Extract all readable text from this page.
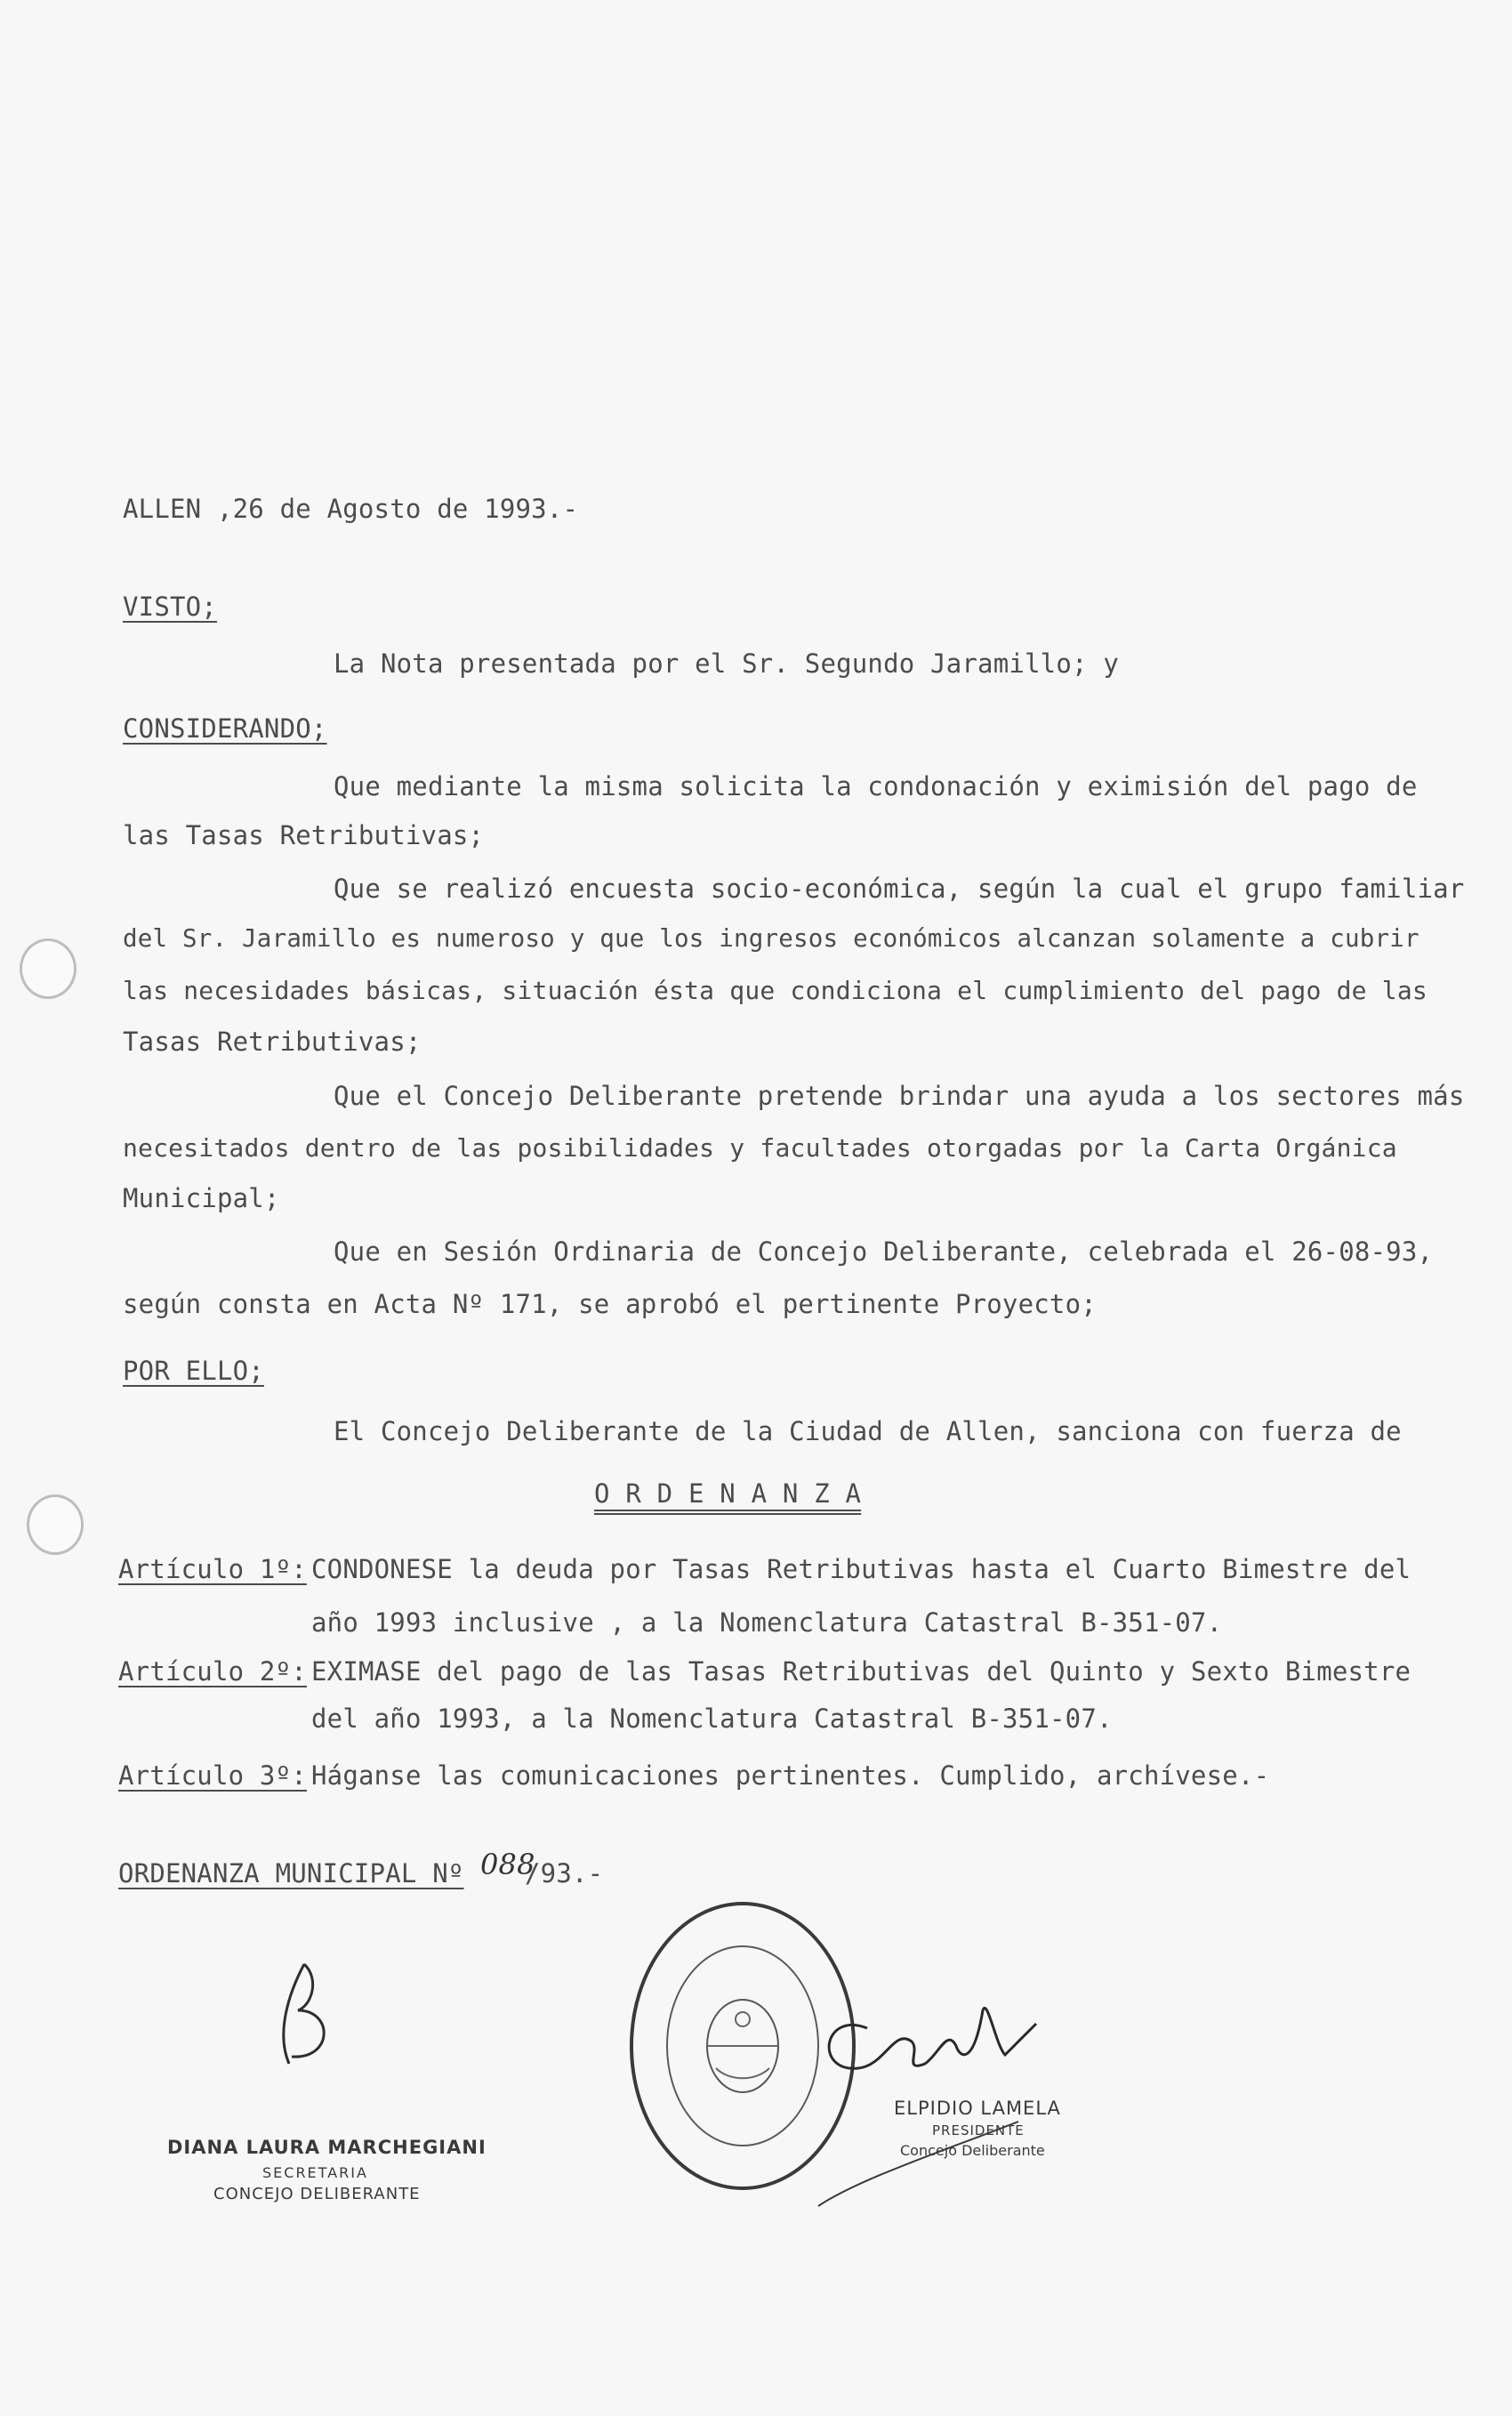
ALLEN ,26 de Agosto de 1993.-
VISTO;
La Nota presentada por el Sr. Segundo Jaramillo; y
CONSIDERANDO;
Que mediante la misma solicita la condonación y eximisión del pago de
las Tasas Retributivas;
Que se realizó encuesta socio-económica, según la cual el grupo familiar
del Sr. Jaramillo es numeroso y que los ingresos económicos alcanzan solamente a cubrir
las necesidades básicas, situación ésta que condiciona el cumplimiento del pago de las
Tasas Retributivas;
Que el Concejo Deliberante pretende brindar una ayuda a los sectores más
necesitados dentro de las posibilidades y facultades otorgadas por la Carta Orgánica
Municipal;
Que en Sesión Ordinaria de Concejo Deliberante, celebrada el 26-08-93,
según consta en Acta Nº 171, se aprobó el pertinente Proyecto;
POR ELLO;
El Concejo Deliberante de la Ciudad de Allen, sanciona con fuerza de
O R D E N A N Z A
Artículo 1º: CONDONESE la deuda por Tasas Retributivas hasta el Cuarto Bimestre del
año 1993 inclusive , a la Nomenclatura Catastral B-351-07.
Artículo 2º: EXIMASE del pago de las Tasas Retributivas del Quinto y Sexto Bimestre
del año 1993, a la Nomenclatura Catastral B-351-07.
Artículo 3º: Háganse las comunicaciones pertinentes. Cumplido, archívese.-
ORDENANZA MUNICIPAL Nº 088
/93.-
DIANA LAURA MARCHEGIANI
SECRETARIA
CONCEJO DELIBERANTE
ELPIDIO LAMELA
PRESIDENTE
Concejo Deliberante
